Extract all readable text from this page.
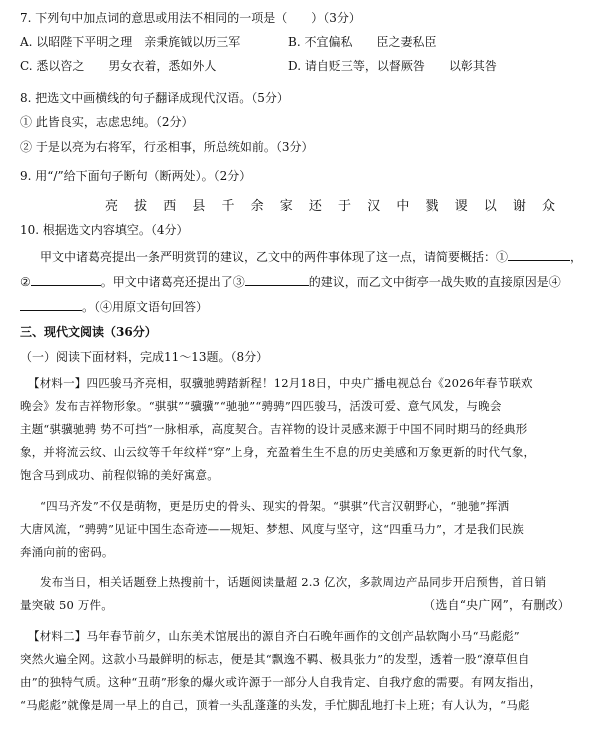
7. 下列句中加点词的意思或用法不相同的一项是（　　）（3分）
A. 以昭陛下平明之理　亲秉旄钺以历三军	B. 不宜偏私　　臣之妻私臣
C. 悉以咨之　　男女衣着，悉如外人	D. 请自贬三等，以督厥咎　　以彰其咎
8. 把选文中画横线的句子翻译成现代汉语。（5分）
① 此皆良实，志虑忠纯。（2分）
② 于是以亮为右将军，行丞相事，所总统如前。（3分）
9. 用“/”给下面句子断句（断两处）。（2分）
亮 拔 西 县 千 余 家 还 于 汉 中 戮 谡 以 谢 众
10. 根据选文内容填空。（4分）
甲文中诸葛亮提出一条严明赏罚的建议，乙文中的两件事体现了这一点，请简要概括：①	，
②	。甲文中诸葛亮还提出了③	的建议，而乙文中街亭一战失败的直接原因是④
。（④用原文语句回答）
三、现代文阅读（36分）
（一）阅读下面材料，完成11～13题。（8分）
【材料一】四匹骏马齐亮相，驭骥驰骋踏新程！12月18日，中央广播电视总台《2026年春节联欢
晚会》发布吉祥物形象。“骐骐”“骥骥”“驰驰”“骋骋”四匹骏马，活泼可爱、意气风发，与晚会
主题“骐骥驰骋 势不可挡”一脉相承，高度契合。吉祥物的设计灵感来源于中国不同时期马的经典形
象，并将流云纹、山云纹等千年纹样“穿”上身，充盈着生生不息的历史美感和万象更新的时代气象，
饱含马到成功、前程似锦的美好寓意。
“四马齐发”不仅是萌物，更是历史的骨头、现实的骨架。“骐骐”代言汉朝野心，“驰驰”挥洒
大唐风流，“骋骋”见证中国生态奇迹——规矩、梦想、风度与坚守，这“四重马力”，才是我们民族
奔涌向前的密码。
发布当日，相关话题登上热搜前十，话题阅读量超 2.3 亿次，多款周边产品同步开启预售，首日销
量突破 50 万件。	（选自“央广网”，有删改）
【材料二】马年春节前夕，山东美术馆展出的源自齐白石晚年画作的文创产品软陶小马“马彪彪”
突然火遍全网。这款小马最鲜明的标志，便是其“飘逸不羁、极具张力”的发型，透着一股“潦草但自
由”的独特气质。这种“丑萌”形象的爆火或许源于一部分人自我肯定、自我疗愈的需要。有网友指出，
“马彪彪”就像是周一早上的自己，顶着一头乱蓬蓬的头发，手忙脚乱地打卡上班；有人认为，“马彪
